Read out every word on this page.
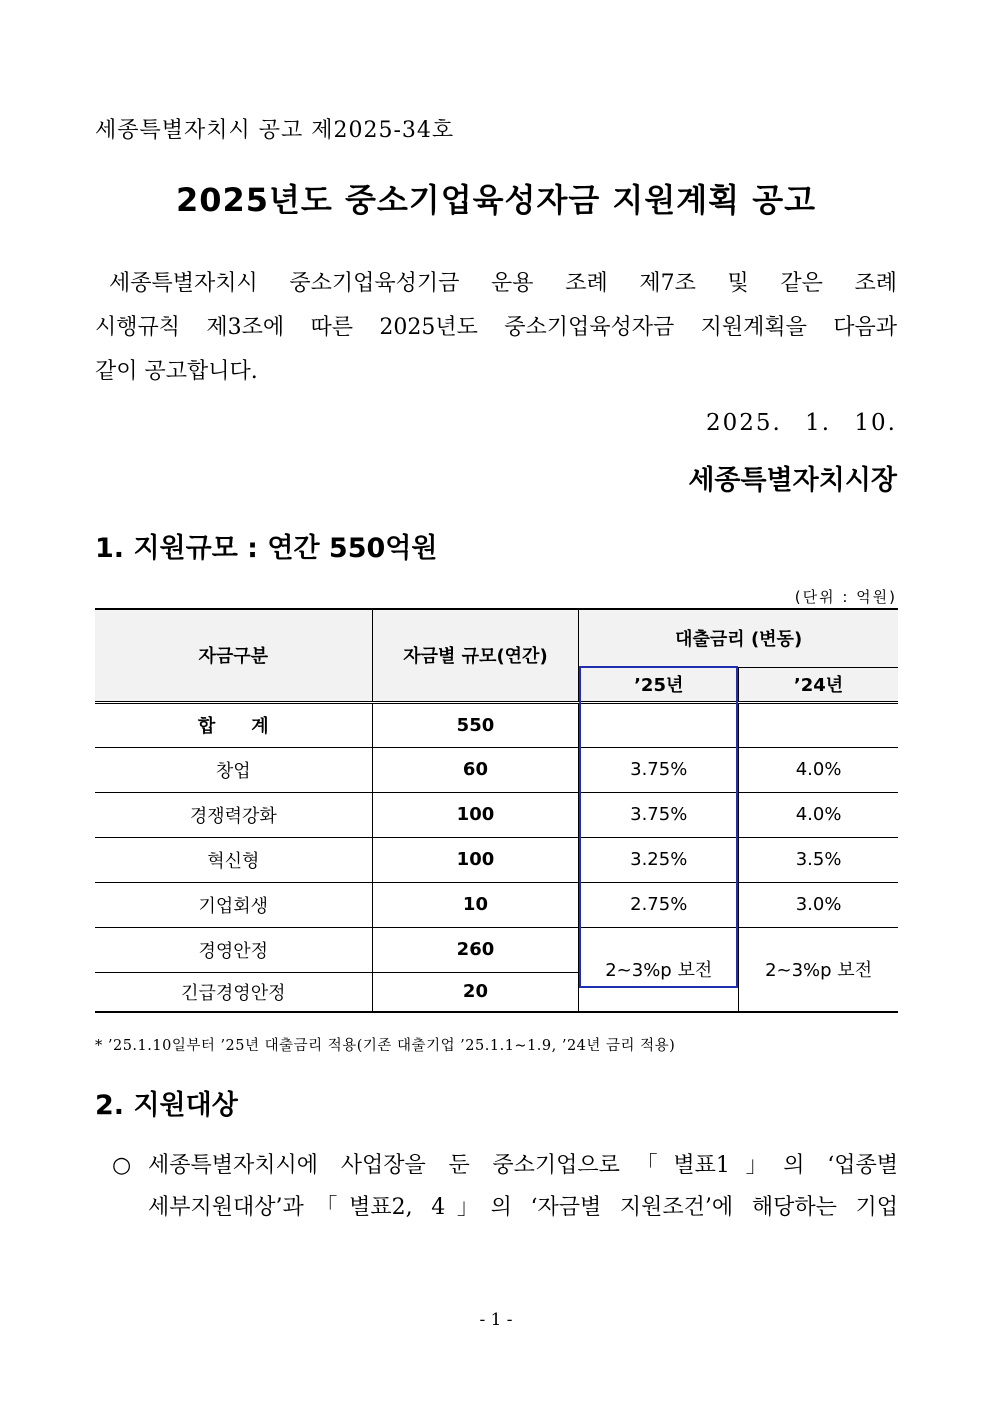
세종특별자치시 공고 제2025-34호
2025년도 중소기업육성자금 지원계획 공고
세종특별자치시 중소기업육성기금 운용 조례 제7조 및 같은 조례
시행규칙 제3조에 따른 2025년도 중소기업육성자금 지원계획을 다음과
같이 공고합니다.
2025. 1. 10.
세종특별자치시장
1. 지원규모 : 연간 550억원
(단위 : 억원)
자금구분	자금별 규모(연간)	대출금리 (변동)	
		’25년	’24년
합　　계	550		
창업	60	3.75%	4.0%
경쟁력강화	100	3.75%	4.0%
혁신형	100	3.25%	3.5%
기업회생	10	2.75%	3.0%
경영안정	260	2~3%p 보전	2~3%p 보전
긴급경영안정	20		
* ’25.1.10일부터 ’25년 대출금리 적용(기존 대출기업 ’25.1.1∼1.9, ’24년 금리 적용)
2. 지원대상
○ 세종특별자치시에 사업장을 둔 중소기업으로「별표1」의 ‘업종별
세부지원대상’과「별표2, 4」의 ‘자금별 지원조건’에 해당하는 기업
- 1 -
